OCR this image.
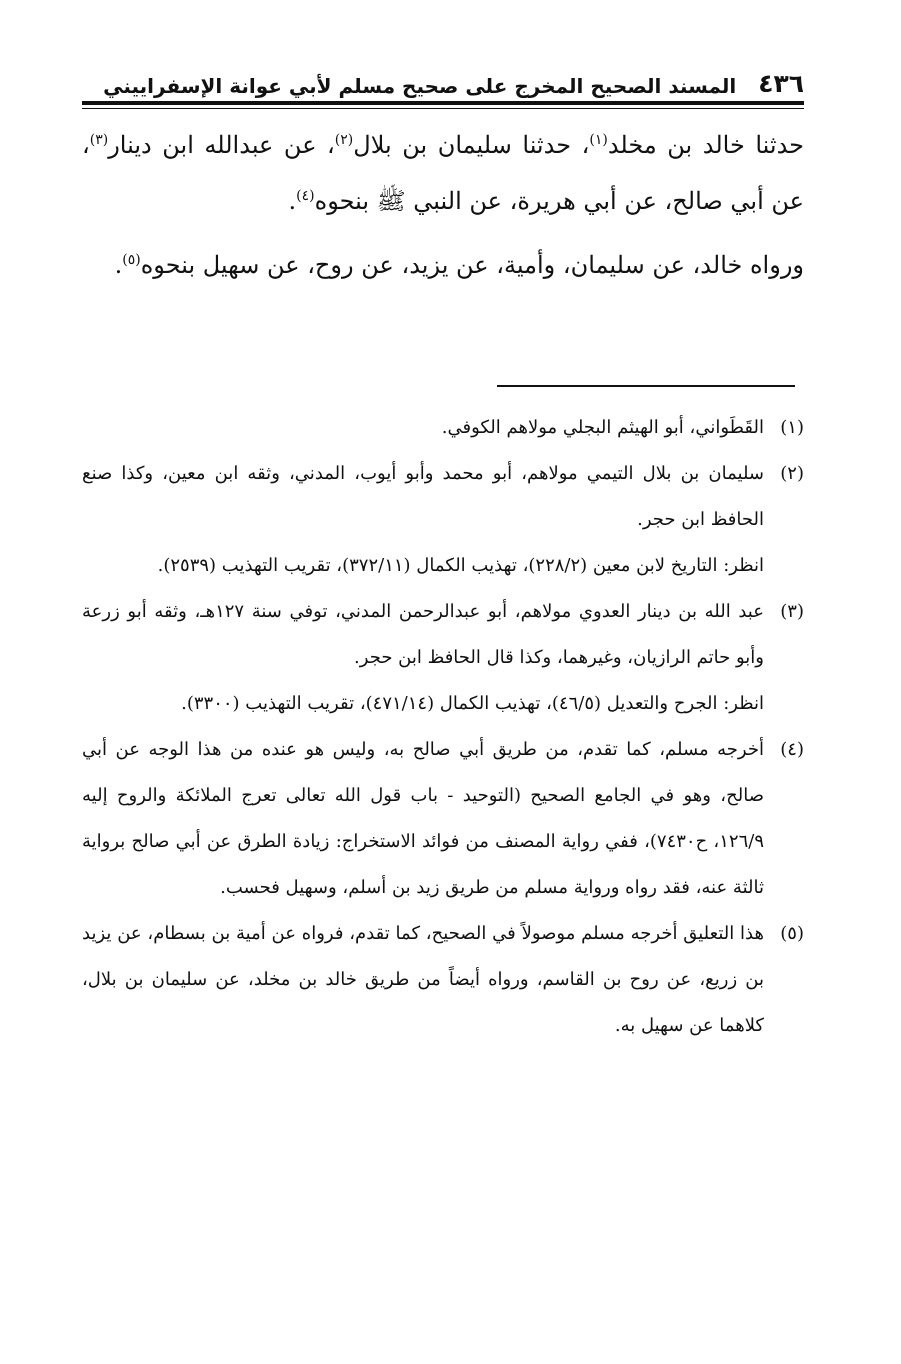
٤٣٦
المسند الصحيح المخرج على صحيح مسلم لأبي عوانة الإسفراييني

حدثنا خالد بن مخلد$^{(١)}$، حدثنا سليمان بن بلال$^{(٢)}$، عن عبدالله ابن دينار$^{(٣)}$، عن أبي صالح، عن أبي هريرة، عن النبي ﷺ بنحوه$^{(٤)}$.

ورواه خالد، عن سليمان، وأمية، عن يزيد، عن روح، عن سهيل بنحوه$^{(٥)}$.

(١)

القَطَواني، أبو الهيثم البجلي مولاهم الكوفي.

(٢)

سليمان بن بلال التيمي مولاهم، أبو محمد وأبو أيوب، المدني، وثقه ابن معين، وكذا صنع الحافظ ابن حجر.

انظر: التاريخ لابن معين (٢٢٨/٢)، تهذيب الكمال (٣٧٢/١١)، تقريب التهذيب (٢٥٣٩).

(٣)

عبد الله بن دينار العدوي مولاهم، أبو عبدالرحمن المدني، توفي سنة ١٢٧هـ، وثقه أبو زرعة وأبو حاتم الرازيان، وغيرهما، وكذا قال الحافظ ابن حجر.

انظر: الجرح والتعديل (٤٦/٥)، تهذيب الكمال (٤٧١/١٤)، تقريب التهذيب (٣٣٠٠).

(٤)

أخرجه مسلم، كما تقدم، من طريق أبي صالح به، وليس هو عنده من هذا الوجه عن أبي صالح، وهو في الجامع الصحيح (التوحيد - باب قول الله تعالى تعرج الملائكة والروح إليه ١٢٦/٩، ح٧٤٣٠)، ففي رواية المصنف من فوائد الاستخراج: زيادة الطرق عن أبي صالح برواية ثالثة عنه، فقد رواه ورواية مسلم من طريق زيد بن أسلم، وسهيل فحسب.

(٥)

هذا التعليق أخرجه مسلم موصولاً في الصحيح، كما تقدم، فرواه عن أمية بن بسطام، عن يزيد بن زريع، عن روح بن القاسم، ورواه أيضاً من طريق خالد بن مخلد، عن سليمان بن بلال، كلاهما عن سهيل به.
